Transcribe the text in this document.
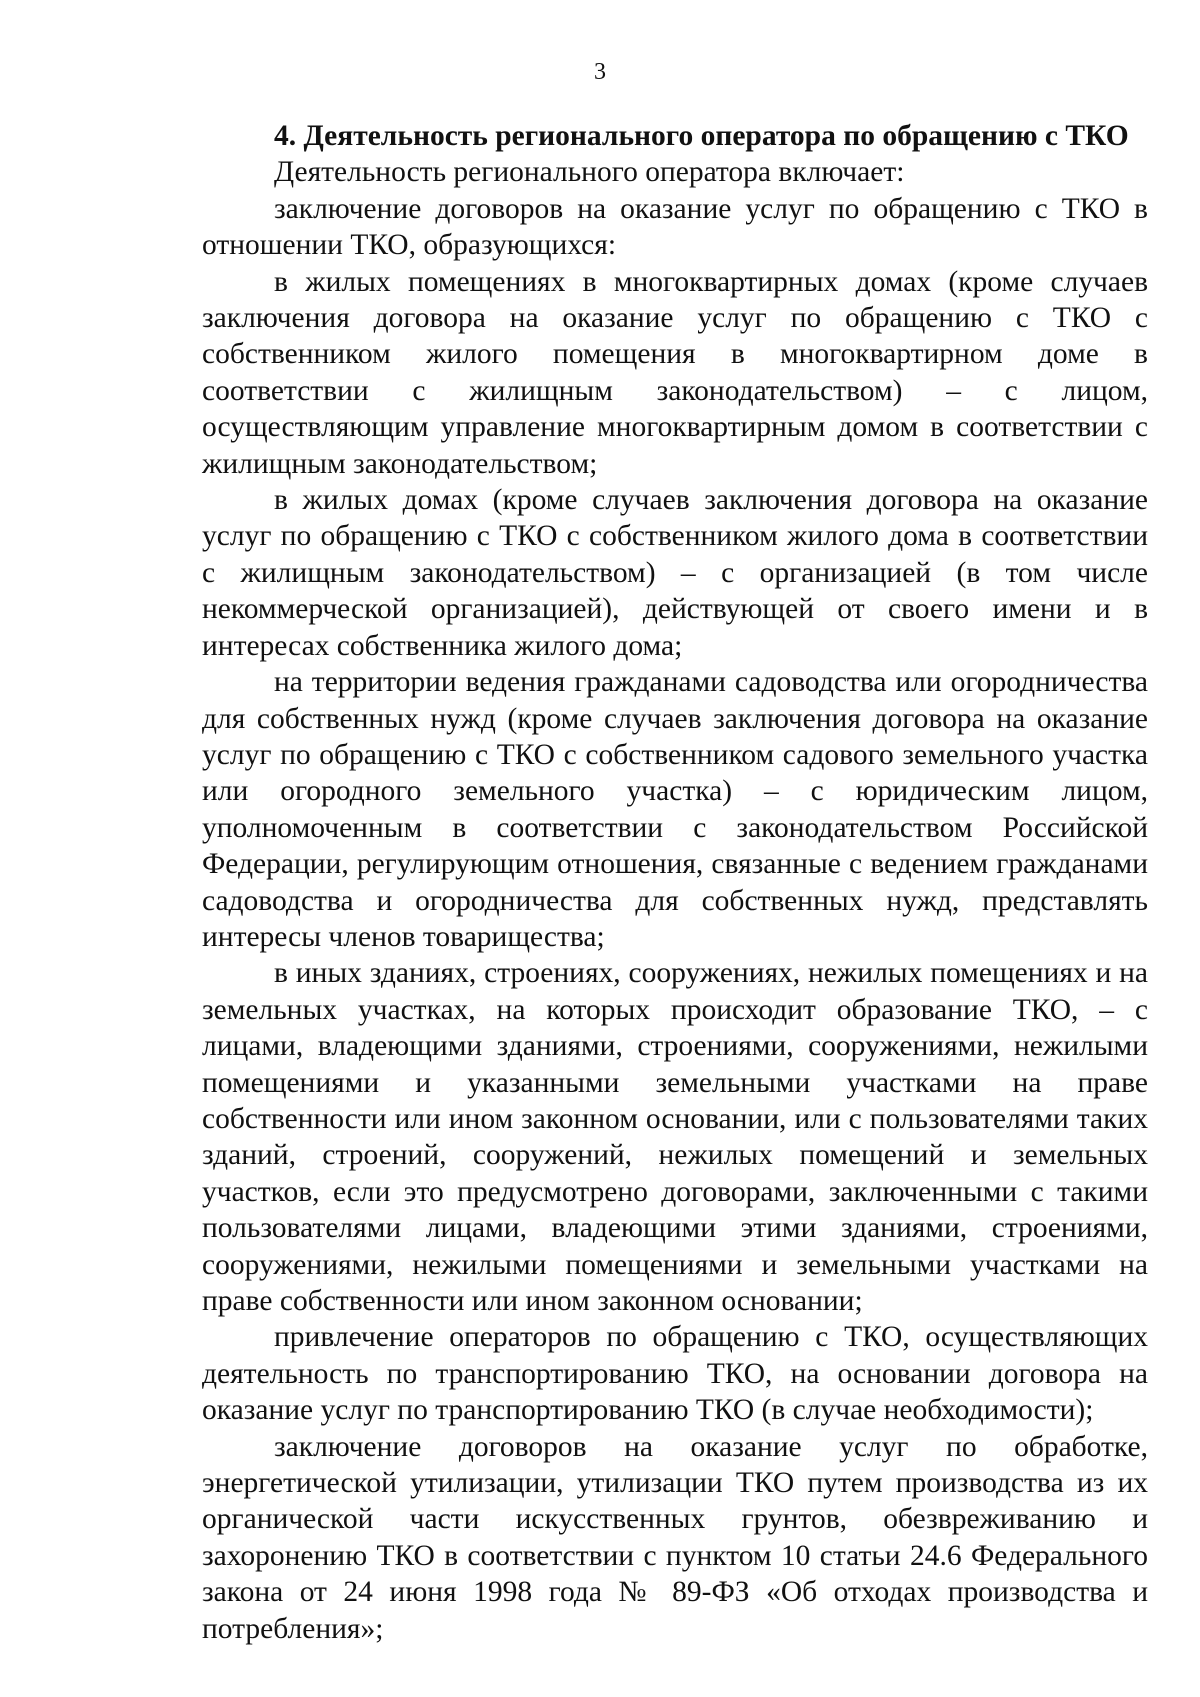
3

4. Деятельность регионального оператора по обращению с ТКО

Деятельность регионального оператора включает:

заключение договоров на оказание услуг по обращению с ТКО в отношении ТКО, образующихся:

в жилых помещениях в многоквартирных домах (кроме случаев заключения договора на оказание услуг по обращению с ТКО с собственником жилого помещения в многоквартирном доме в соответствии с жилищным законодательством) – с лицом, осуществляющим управление многоквартирным домом в соответствии с жилищным законодательством;

в жилых домах (кроме случаев заключения договора на оказание услуг по обращению с ТКО с собственником жилого дома в соответствии с жилищным законодательством) – с организацией (в том числе некоммерческой организацией), действующей от своего имени и в интересах собственника жилого дома;

на территории ведения гражданами садоводства или огородничества для собственных нужд (кроме случаев заключения договора на оказание услуг по обращению с ТКО с собственником садового земельного участка или огородного земельного участка) – с юридическим лицом, уполномоченным в соответствии с законодательством Российской Федерации, регулирующим отношения, связанные с ведением гражданами садоводства и огородничества для собственных нужд, представлять интересы членов товарищества;

в иных зданиях, строениях, сооружениях, нежилых помещениях и на земельных участках, на которых происходит образование ТКО, – с лицами, владеющими зданиями, строениями, сооружениями, нежилыми помещениями и указанными земельными участками на праве собственности или ином законном основании, или с пользователями таких зданий, строений, сооружений, нежилых помещений и земельных участков, если это предусмотрено договорами, заключенными с такими пользователями лицами, владеющими этими зданиями, строениями, сооружениями, нежилыми помещениями и земельными участками на праве собственности или ином законном основании;

привлечение операторов по обращению с ТКО, осуществляющих деятельность по транспортированию ТКО, на основании договора на оказание услуг по транспортированию ТКО (в случае необходимости);

заключение договоров на оказание услуг по обработке, энергетической утилизации, утилизации ТКО путем производства из их органической части искусственных грунтов, обезвреживанию и захоронению ТКО в соответствии с пунктом 10 статьи 24.6 Федерального закона от 24 июня 1998 года № 89-ФЗ «Об отходах производства и потребления»;
